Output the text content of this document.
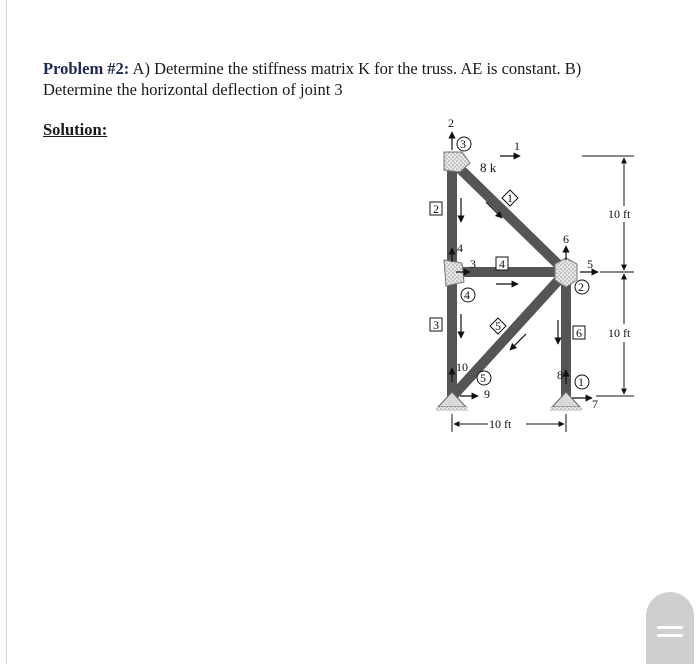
Problem #2: A) Determine the stiffness matrix K for the truss. AE is constant. B) Determine the horizontal deflection of joint 3
Solution:
8 k
3
4
2
5	1
2
3
4
6
1
5
2
1
4
3
6
5
10
9
8
7
10 ft
10 ft
10 ft
